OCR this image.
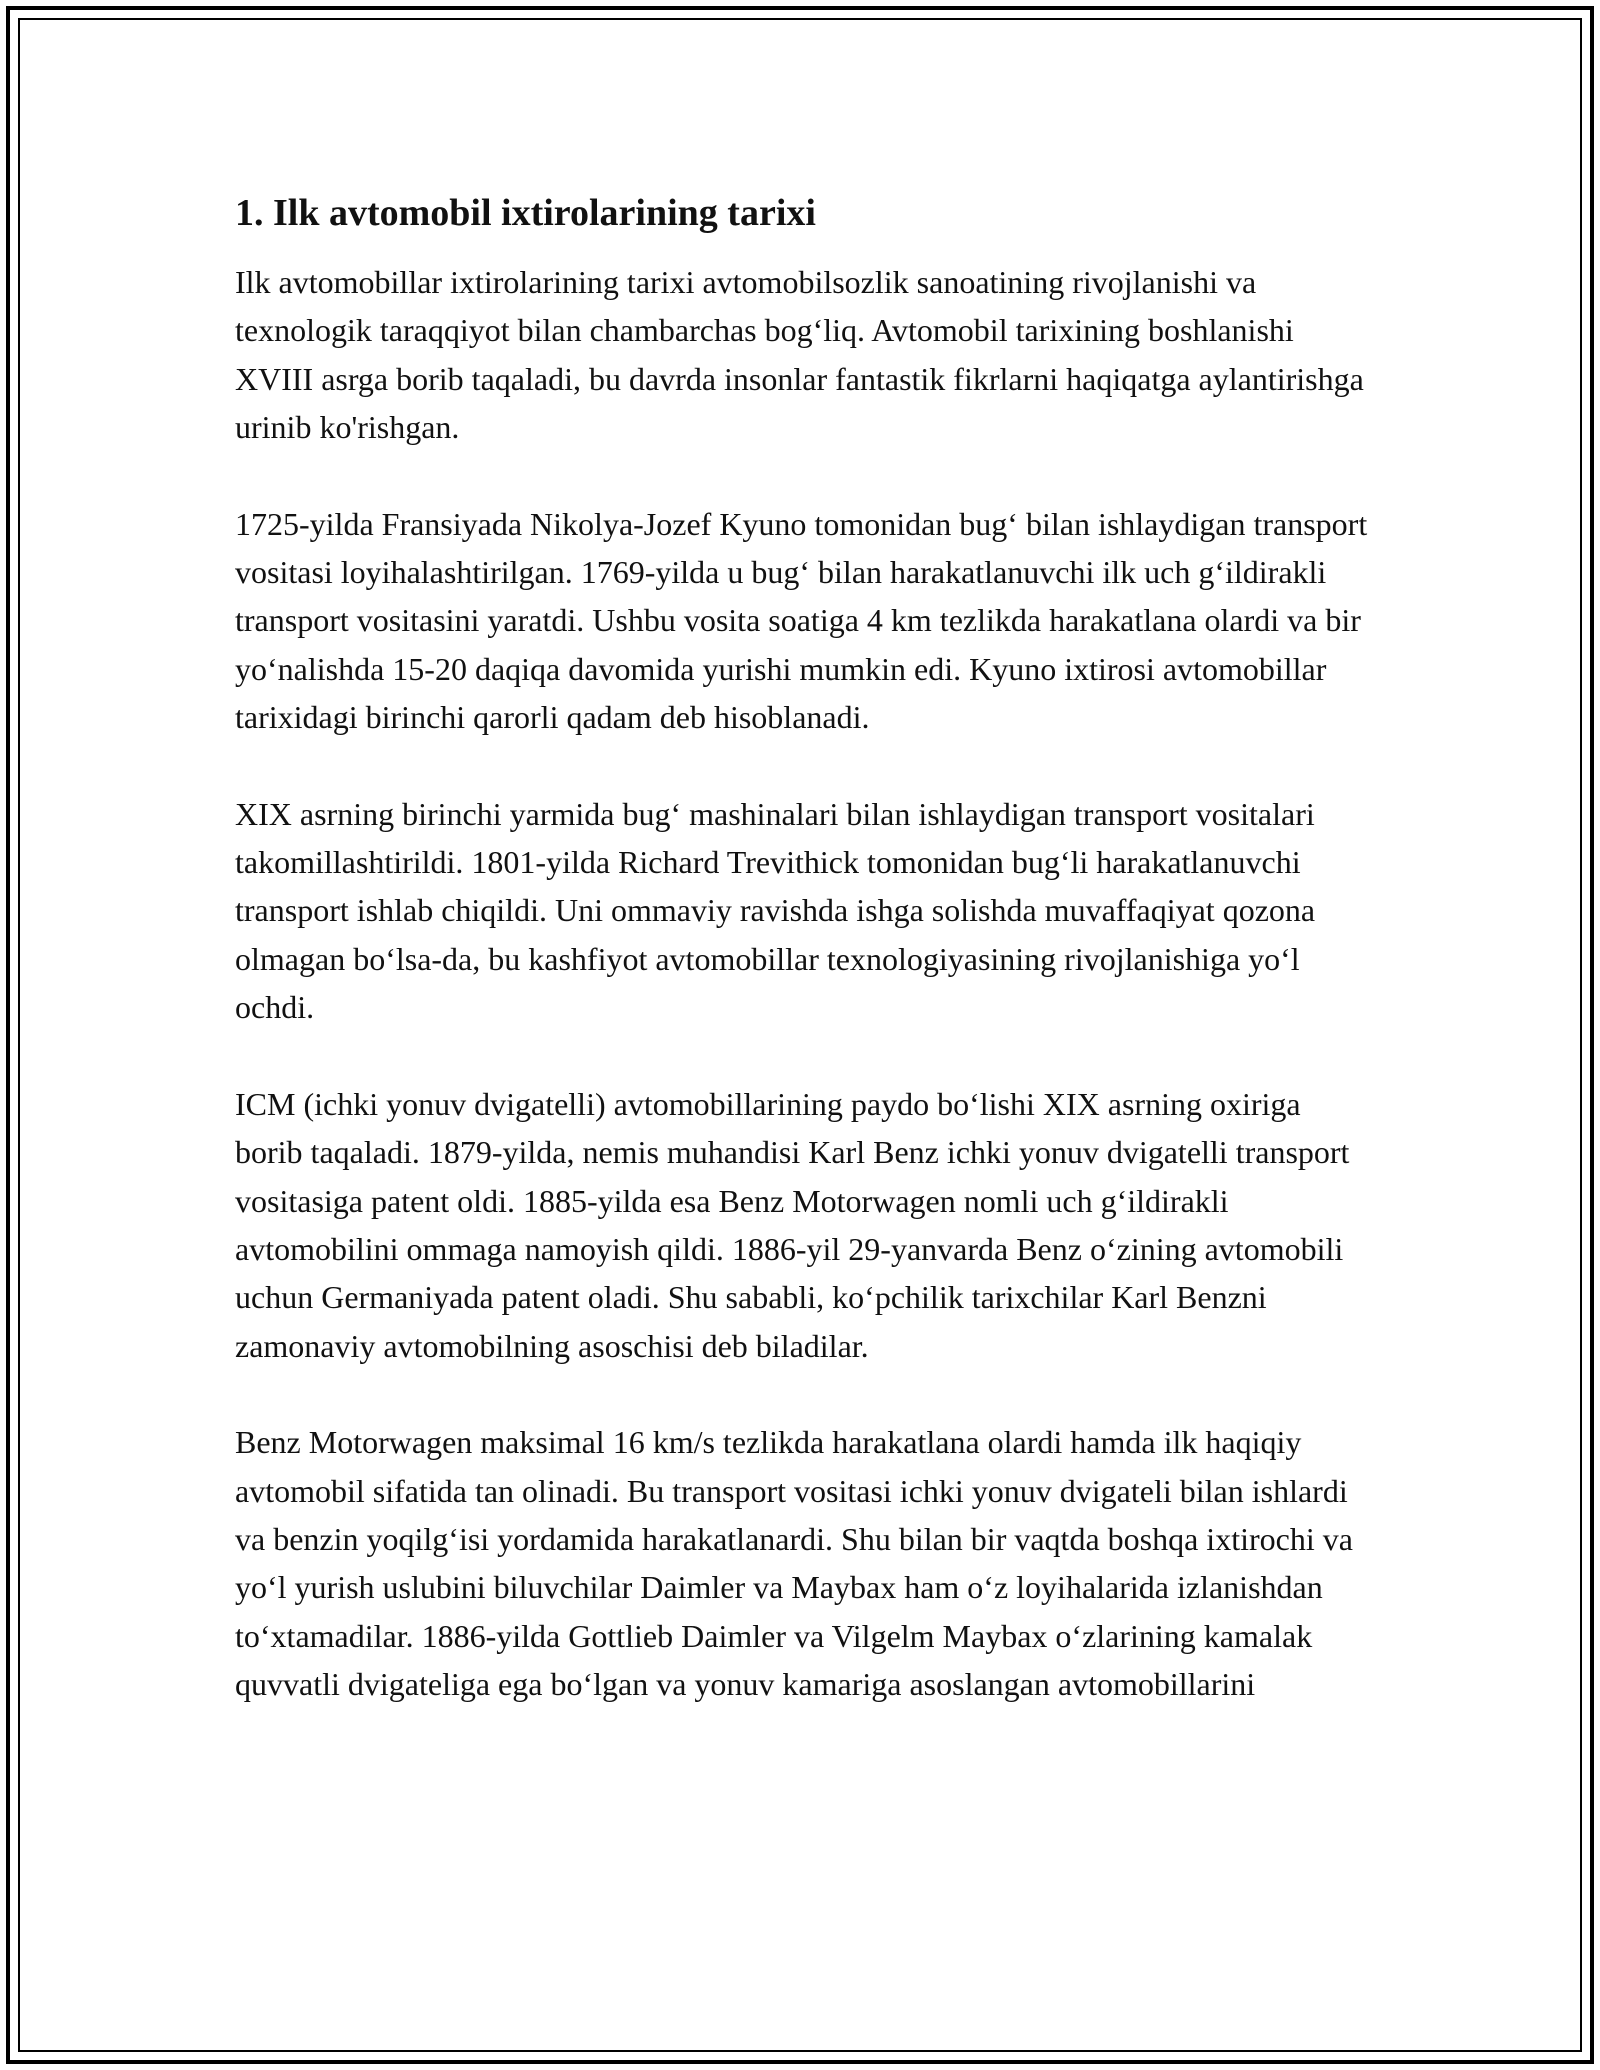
1. Ilk avtomobil ixtirolarining tarixi

Ilk avtomobillar ixtirolarining tarixi avtomobilsozlik sanoatining rivojlanishi va texnologik taraqqiyot bilan chambarchas bog‘liq. Avtomobil tarixining boshlanishi XVIII asrga borib taqaladi, bu davrda insonlar fantastik fikrlarni haqiqatga aylantirishga urinib ko'rishgan.

1725-yilda Fransiyada Nikolya-Jozef Kyuno tomonidan bug‘ bilan ishlaydigan transport vositasi loyihalashtirilgan. 1769-yilda u bug‘ bilan harakatlanuvchi ilk uch g‘ildirakli transport vositasini yaratdi. Ushbu vosita soatiga 4 km tezlikda harakatlana olardi va bir yo‘nalishda 15-20 daqiqa davomida yurishi mumkin edi. Kyuno ixtirosi avtomobillar tarixidagi birinchi qarorli qadam deb hisoblanadi.

XIX asrning birinchi yarmida bug‘ mashinalari bilan ishlaydigan transport vositalari takomillashtirildi. 1801-yilda Richard Trevithick tomonidan bug‘li harakatlanuvchi transport ishlab chiqildi. Uni ommaviy ravishda ishga solishda muvaffaqiyat qozona olmagan bo‘lsa-da, bu kashfiyot avtomobillar texnologiyasining rivojlanishiga yo‘l ochdi.

ICM (ichki yonuv dvigatelli) avtomobillarining paydo bo‘lishi XIX asrning oxiriga borib taqaladi. 1879-yilda, nemis muhandisi Karl Benz ichki yonuv dvigatelli transport vositasiga patent oldi. 1885-yilda esa Benz Motorwagen nomli uch g‘ildirakli avtomobilini ommaga namoyish qildi. 1886-yil 29-yanvarda Benz o‘zining avtomobili uchun Germaniyada patent oladi. Shu sababli, ko‘pchilik tarixchilar Karl Benzni zamonaviy avtomobilning asoschisi deb biladilar.

Benz Motorwagen maksimal 16 km/s tezlikda harakatlana olardi hamda ilk haqiqiy avtomobil sifatida tan olinadi. Bu transport vositasi ichki yonuv dvigateli bilan ishlardi va benzin yoqilg‘isi yordamida harakatlanardi. Shu bilan bir vaqtda boshqa ixtirochi va yo‘l yurish uslubini biluvchilar Daimler va Maybax ham o‘z loyihalarida izlanishdan to‘xtamadilar. 1886-yilda Gottlieb Daimler va Vilgelm Maybax o‘zlarining kamalak quvvatli dvigateliga ega bo‘lgan va yonuv kamariga asoslangan avtomobillarini
